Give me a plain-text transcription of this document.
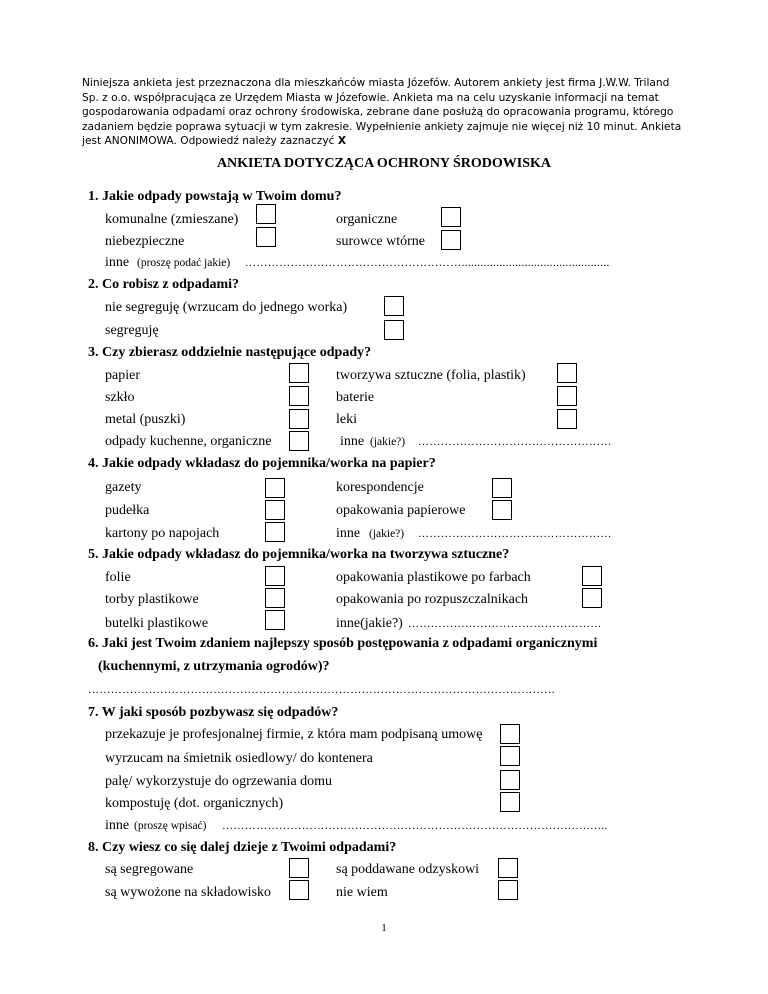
Niniejsza ankieta jest przeznaczona dla mieszkańców miasta Józefów. Autorem ankiety jest firma J.W.W. Triland
Sp. z o.o. współpracująca ze Urzędem Miasta w Józefowie. Ankieta ma na celu uzyskanie informacji na temat
gospodarowania odpadami oraz ochrony środowiska, zebrane dane posłużą do opracowania programu, którego
zadaniem będzie poprawa sytuacji w tym zakresie. Wypełnienie ankiety zajmuje nie więcej niż 10 minut. Ankieta
jest ANONIMOWA. Odpowiedź należy zaznaczyć X
ANKIETA DOTYCZĄCA OCHRONY ŚRODOWISKA
1. Jakie odpady powstają w Twoim domu?
komunalne (zmieszane)	organiczne
niebezpieczne	surowce wtórne
inne (proszę podać jakie) …………………………………………………...............................................
2. Co robisz z odpadami?
nie segreguję (wrzucam do jednego worka)
segreguję
3. Czy zbierasz oddzielnie następujące odpady?
papier	tworzywa sztuczne (folia, plastik)
szkło	baterie
metal (puszki)	leki
odpady kuchenne, organiczne	inne (jakie?) ……………………………………………
4. Jakie odpady wkładasz do pojemnika/worka na papier?
gazety	korespondencje
pudełka	opakowania papierowe
kartony po napojach	inne (jakie?) ……………………………………………
5. Jakie odpady wkładasz do pojemnika/worka na tworzywa sztuczne?
folie	opakowania plastikowe po farbach
torby plastikowe	opakowania po rozpuszczalnikach
butelki plastikowe	inne(jakie?) ……………………………………………
6. Jaki jest Twoim zdaniem najlepszy sposób postępowania z odpadami organicznymi
(kuchennymi, z utrzymania ogrodów)?
……………………………………………………………………………………………………………
7. W jaki sposób pozbywasz się odpadów?
przekazuje je profesjonalnej firmie, z która mam podpisaną umowę
wyrzucam na śmietnik osiedlowy/ do kontenera
palę/ wykorzystuje do ogrzewania domu
kompostuję (dot. organicznych)
inne (proszę wpisać) …………………………………………………………………………………….…..
8. Czy wiesz co się dalej dzieje z Twoimi odpadami?
są segregowane	są poddawane odzyskowi
są wywożone na składowisko	nie wiem
1
